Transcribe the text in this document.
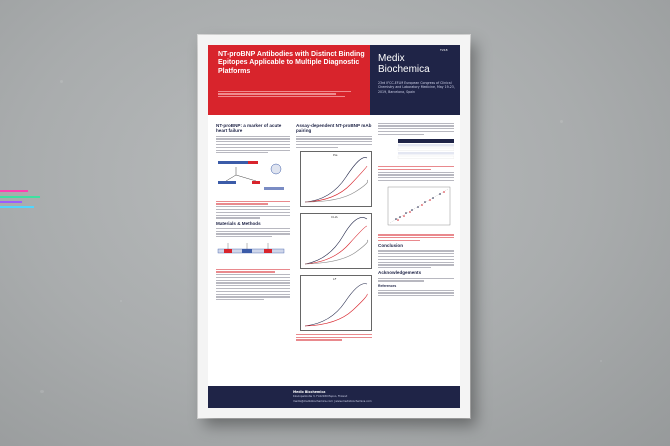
NT-proBNP Antibodies with Distinct Binding Epitopes Applicable to Multiple Diagnostic Platforms
T218
Medix
Biochemica
23rd IFCC-EFLM European Congress of Clinical Chemistry and Laboratory Medicine, May 19-23, 2019, Barcelona, Spain
NT-proBNP: a marker of acute heart failure
Materials & Methods
Assay-dependent NT-proBNP mAb pairing
Pie
CLIA
LF
Conclusion
Acknowledgements
References
Medix Biochemica
Klovinpellontie 3, FI-02180 Espoo, Finland
medix@medixbiochemica.com | www.medixbiochemica.com
